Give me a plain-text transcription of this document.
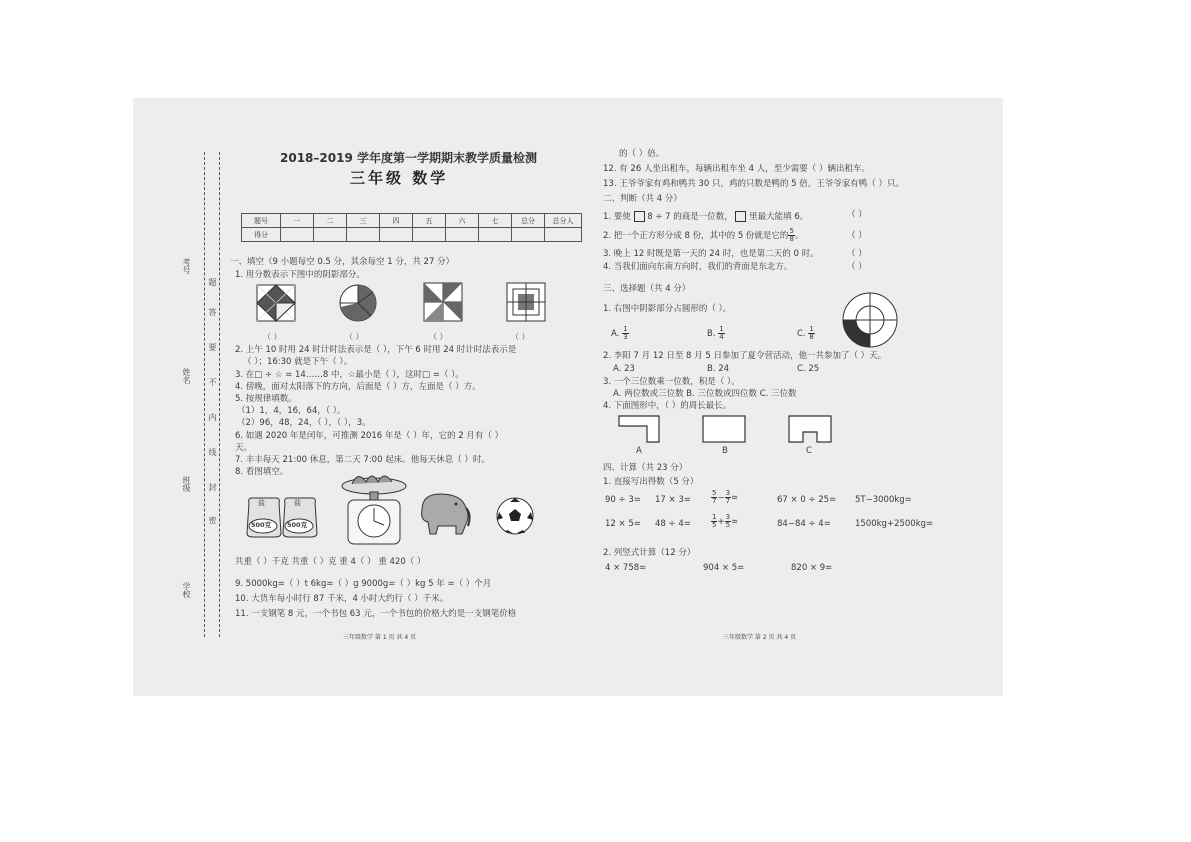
考号
姓名
班级
学校
题
答
要
不
内
线
封
密
2018–2019 学年度第一学期期末教学质量检测
三年级 数学
题号	一	二	三	四	五	六	七	总分	总分人
得分									
一、填空（9 小题每空 0.5 分，其余每空 1 分，共 27 分）
1. 用分数表示下图中的阴影部分。
（ ）	（ ）	（ ）	（ ）
2. 上午 10 时用 24 时计时法表示是（ ），下午 6 时用 24 时计时法表示是
（ ）；16:30 就是下午（ ）。
3. 在□ ÷ ☆ = 14……8 中，☆最小是（ ），这时□ =（ ）。
4. 傍晚，面对太阳落下的方向，后面是（ ）方，左面是（ ）方。
5. 按规律填数。
（1）1，4，16，64，（ ）。
（2）96，48，24，（ ），（ ），3。
6. 如遇 2020 年是闰年，可推测 2016 年是（ ）年，它的 2 月有（ ）
天。
7. 丰丰每天 21:00 休息，第二天 7:00 起床。他每天休息（ ）时。
8. 看图填空。
盐	盐
500克 500克
共重（ ）千克 共重（ ）克 重 4（ ） 重 420（ ）
9. 5000kg=（ ）t 6kg=（ ）g 9000g=（ ）kg 5 年 =（ ）个月
10. 大货车每小时行 87 千米，4 小时大约行（ ）千米。
11. 一支钢笔 8 元，一个书包 63 元，一个书包的价格大约是一支钢笔价格
三年级数学 第 1 页 共 4 页
的（ ）倍。
12. 有 26 人坐出租车，每辆出租车坐 4 人，至少需要（ ）辆出租车。
13. 王爷爷家有鸡和鸭共 30 只，鸡的只数是鸭的 5 倍，王爷爷家有鸭（ ）只。
二、判断（共 4 分）
1. 要使 8 ÷ 7 的商是一位数， 里最大能填 6。	（ ）
2. 把一个正方形分成 8 份，其中的 5 份就是它的 $\frac{5}{8}$ 。	（ ）
3. 晚上 12 时既是第一天的 24 时，也是第二天的 0 时。	（ ）
4. 当我们面向东南方向时，我们的背面是东北方。	（ ）
三、选择题（共 4 分）
1. 右图中阴影部分占圆形的（ ）。
A. $\frac{1}{3}$	B. $\frac{1}{4}$	C. $\frac{1}{8}$
2. 李阳 7 月 12 日至 8 月 5 日参加了夏令营活动，他一共参加了（ ）天。
A. 23	B. 24	C. 25
3. 一个三位数乘一位数，积是（ ）。
A. 两位数或三位数 B. 三位数或四位数 C. 三位数
4. 下面图形中，（ ）的周长最长。
A	B	C
四、计算（共 23 分）
1. 直接写出得数（5 分）
90 ÷ 3= 17 × 3=	$\frac{5}{7} - \frac{3}{7}$ =	67 × 0 ÷ 25= 5T−3000kg=
12 × 5= 48 ÷ 4=	$\frac{1}{5} + \frac{3}{5}$ =	84−84 ÷ 4=	1500kg+2500kg=
2. 列竖式计算（12 分）
4 × 758=	904 × 5=	820 × 9=
三年级数学 第 2 页 共 4 页
